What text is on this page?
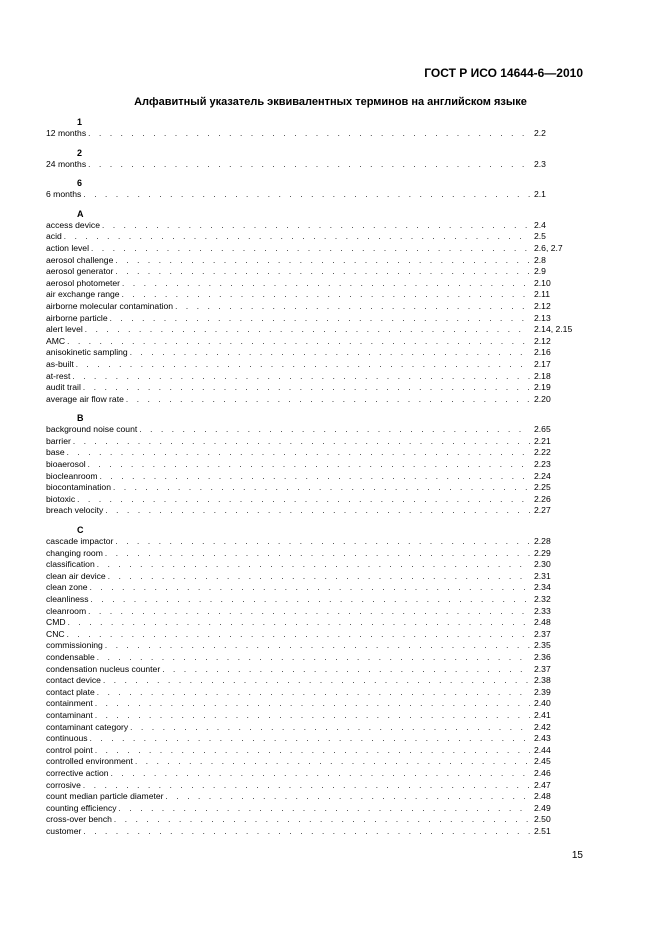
ГОСТ Р ИСО 14644-6—2010
Алфавитный указатель эквивалентных терминов на английском языке
1
12 months . . .	2.2
2
24 months . . .	2.3
6
6 months . . .	2.1
A
access device . . .	2.4
acid . . .	2.5
action level . . .	2.6, 2.7
aerosol challenge . . .	2.8
aerosol generator . . .	2.9
aerosol photometer . . .	2.10
air exchange range . . .	2.11
airborne molecular contamination . . .	2.12
airborne particle . . .	2.13
alert level . . .	2.14, 2.15
AMC . . .	2.12
anisokinetic sampling . . .	2.16
as-built . . .	2.17
at-rest . . .	2.18
audit trail . . .	2.19
average air flow rate . . .	2.20
B
background noise count . . .	2.65
barrier . . .	2.21
base . . .	2.22
bioaerosol . . .	2.23
biocleanroom . . .	2.24
biocontamination . . .	2.25
biotoxic . . .	2.26
breach velocity . . .	2.27
C
cascade impactor . . .	2.28
changing room . . .	2.29
classification . . .	2.30
clean air device . . .	2.31
clean zone . . .	2.34
cleanliness . . .	2.32
cleanroom . . .	2.33
CMD . . .	2.48
CNC . . .	2.37
commissioning . . .	2.35
condensable . . .	2.36
condensation nucleus counter . . .	2.37
contact device . . .	2.38
contact plate . . .	2.39
containment . . .	2.40
contaminant . . .	2.41
contaminant category . . .	2.42
continuous . . .	2.43
control point . . .	2.44
controlled environment . . .	2.45
corrective action . . .	2.46
corrosive . . .	2.47
count median particle diameter . . .	2.48
counting efficiency . . .	2.49
cross-over bench . . .	2.50
customer . . .	2.51
15
